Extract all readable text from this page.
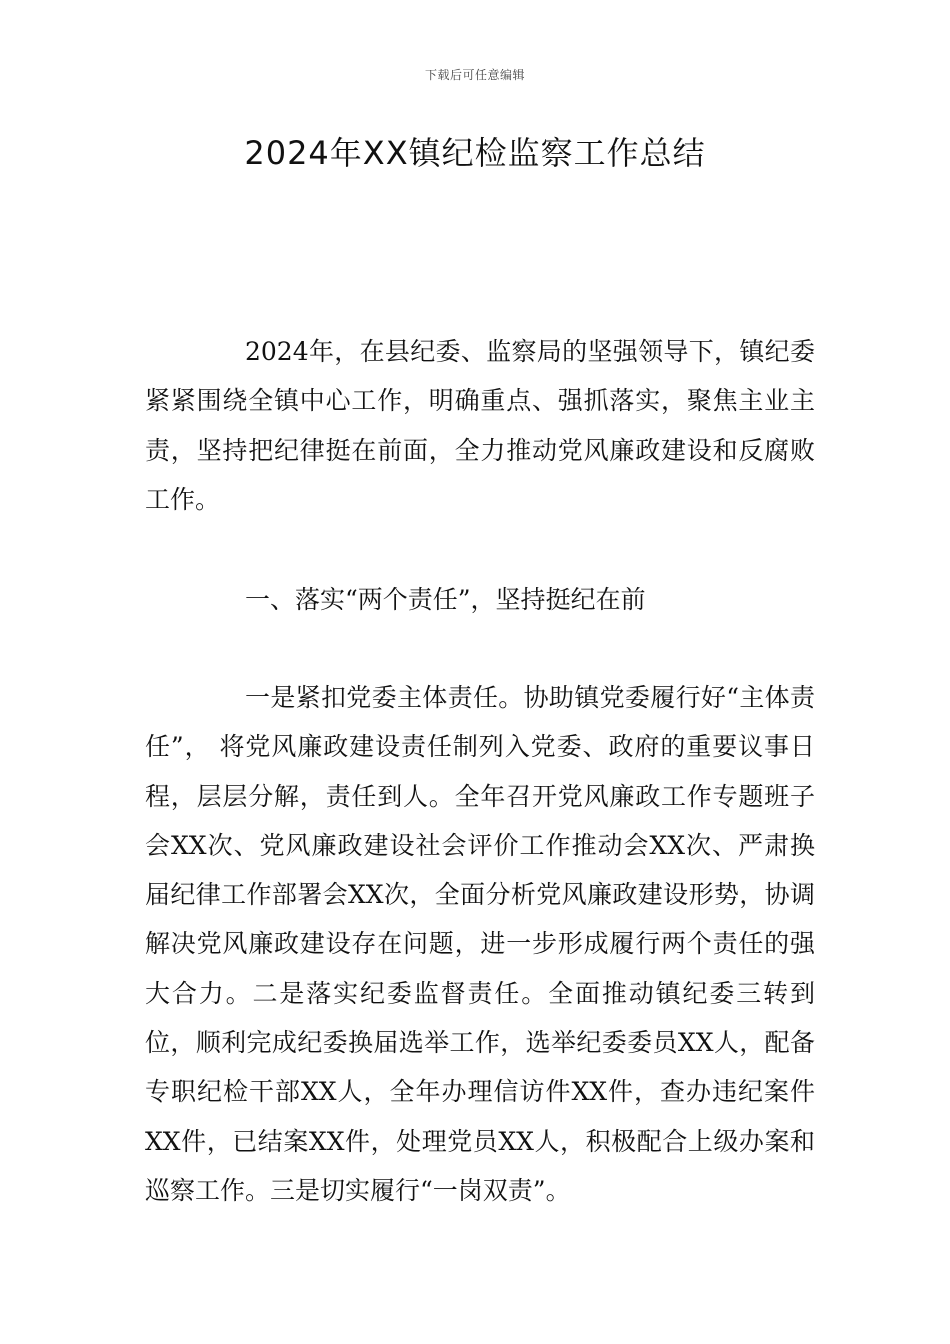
下载后可任意编辑
2024年XX镇纪检监察工作总结

2024年，在县纪委、监察局的坚强领导下，镇纪委紧紧围绕全镇中心工作，明确重点、强抓落实，聚焦主业主责，坚持把纪律挺在前面，全力推动党风廉政建设和反腐败工作。

一、落实“两个责任”，坚持挺纪在前

一是紧扣党委主体责任。协助镇党委履行好“主体责任”， 将党风廉政建设责任制列入党委、政府的重要议事日程，层层分解，责任到人。全年召开党风廉政工作专题班子会XX次、党风廉政建设社会评价工作推动会XX次、严肃换届纪律工作部署会XX次，全面分析党风廉政建设形势，协调解决党风廉政建设存在问题，进一步形成履行两个责任的强大合力。二是落实纪委监督责任。全面推动镇纪委三转到位，顺利完成纪委换届选举工作，选举纪委委员XX人，配备专职纪检干部XX人，全年办理信访件XX件，查办违纪案件XX件，已结案XX件，处理党员XX人，积极配合上级办案和巡察工作。三是切实履行“一岗双责”。
